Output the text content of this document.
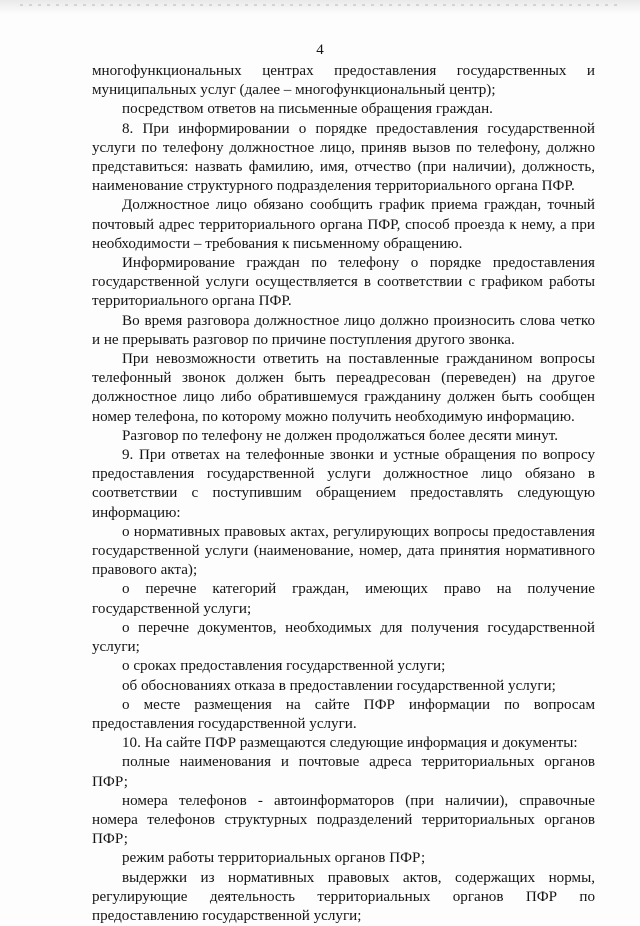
4

многофункциональных центрах предоставления государственных и муниципальных услуг (далее – многофункциональный центр);

посредством ответов на письменные обращения граждан.

8. При информировании о порядке предоставления государственной услуги по телефону должностное лицо, приняв вызов по телефону, должно представиться: назвать фамилию, имя, отчество (при наличии), должность, наименование структурного подразделения территориального органа ПФР.

Должностное лицо обязано сообщить график приема граждан, точный почтовый адрес территориального органа ПФР, способ проезда к нему, а при необходимости – требования к письменному обращению.

Информирование граждан по телефону о порядке предоставления государственной услуги осуществляется в соответствии с графиком работы территориального органа ПФР.

Во время разговора должностное лицо должно произносить слова четко и не прерывать разговор по причине поступления другого звонка.

При невозможности ответить на поставленные гражданином вопросы телефонный звонок должен быть переадресован (переведен) на другое должностное лицо либо обратившемуся гражданину должен быть сообщен номер телефона, по которому можно получить необходимую информацию.

Разговор по телефону не должен продолжаться более десяти минут.

9. При ответах на телефонные звонки и устные обращения по вопросу предоставления государственной услуги должностное лицо обязано в соответствии с поступившим обращением предоставлять следующую информацию:

о нормативных правовых актах, регулирующих вопросы предоставления государственной услуги (наименование, номер, дата принятия нормативного правового акта);

о перечне категорий граждан, имеющих право на получение государственной услуги;

о перечне документов, необходимых для получения государственной услуги;

о сроках предоставления государственной услуги;

об обоснованиях отказа в предоставлении государственной услуги;

о месте размещения на сайте ПФР информации по вопросам предоставления государственной услуги.

10. На сайте ПФР размещаются следующие информация и документы:

полные наименования и почтовые адреса территориальных органов ПФР;

номера телефонов - автоинформаторов (при наличии), справочные номера телефонов структурных подразделений территориальных органов ПФР;

режим работы территориальных органов ПФР;

выдержки из нормативных правовых актов, содержащих нормы, регулирующие деятельность территориальных органов ПФР по предоставлению государственной услуги;
